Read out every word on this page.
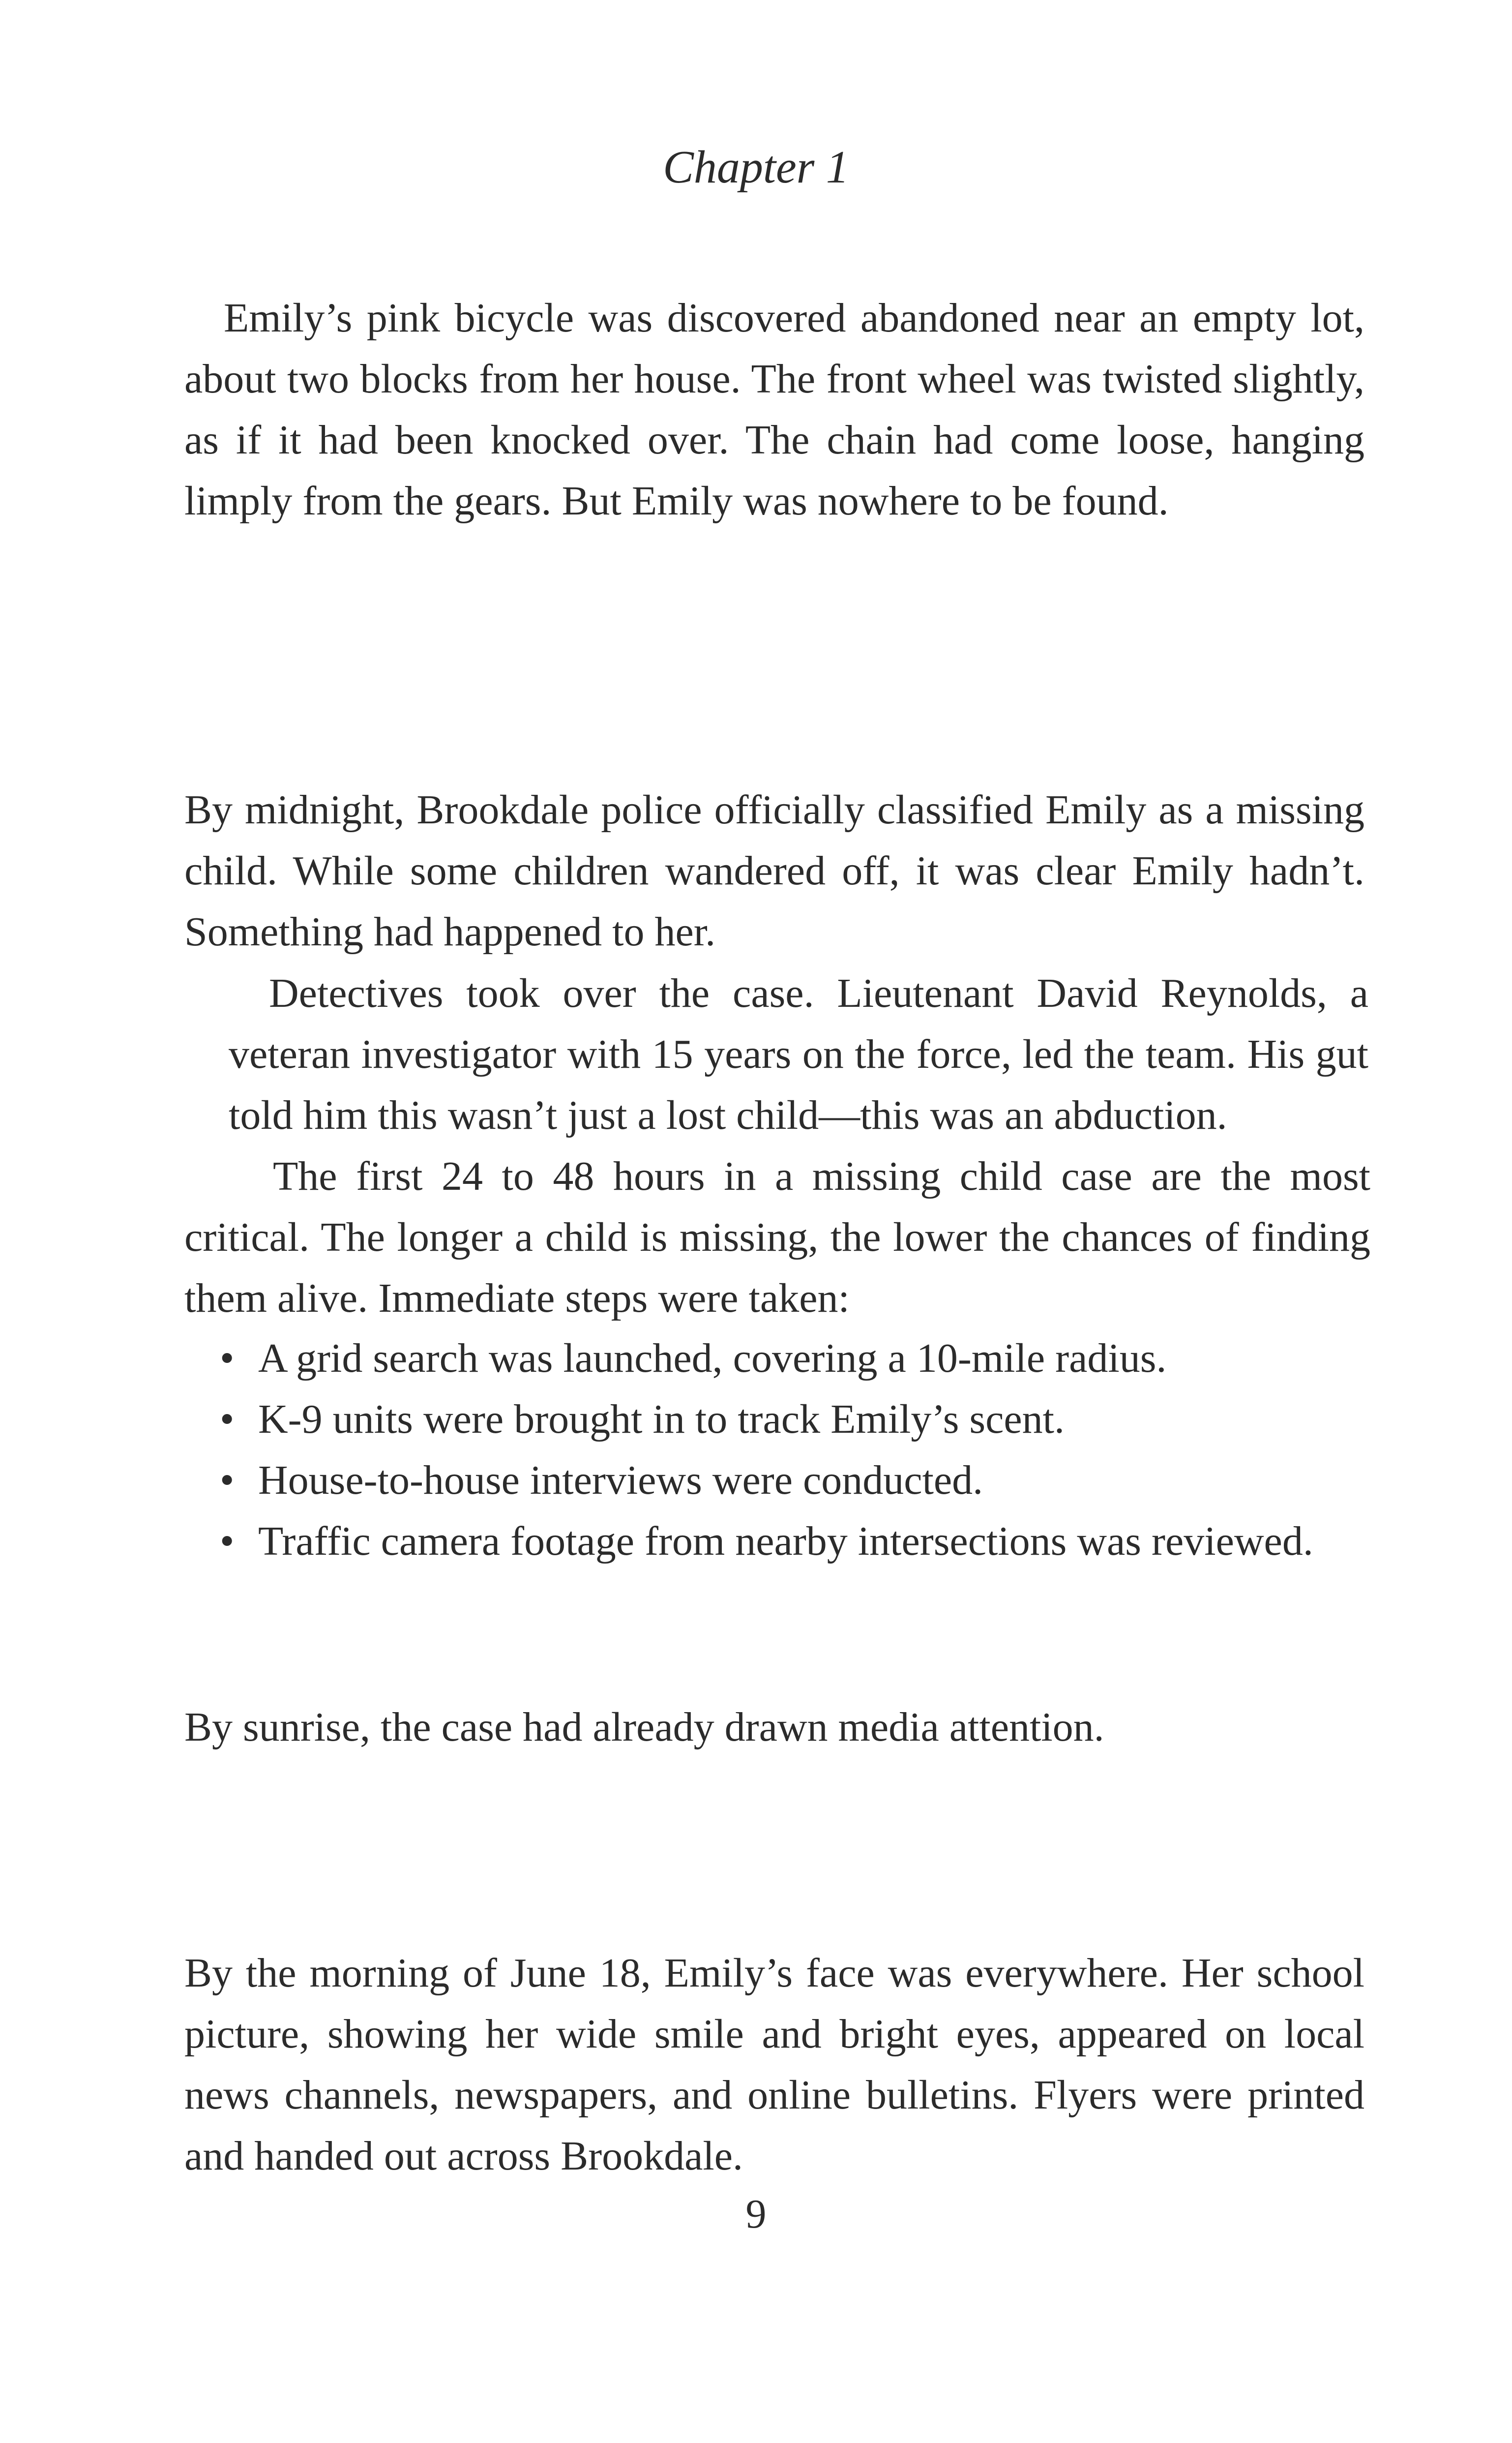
Chapter 1

Emily’s pink bicycle was discovered abandoned near an empty lot, about two blocks from her house. The front wheel was twisted slightly, as if it had been knocked over. The chain had come loose, hanging limply from the gears. But Emily was nowhere to be found.

By midnight, Brookdale police officially classified Emily as a missing child. While some children wandered off, it was clear Emily hadn’t. Something had happened to her.

Detectives took over the case. Lieutenant David Reynolds, a veteran investigator with 15 years on the force, led the team. His gut told him this wasn’t just a lost child—this was an abduction.

The first 24 to 48 hours in a missing child case are the most critical. The longer a child is missing, the lower the chances of finding them alive. Immediate steps were taken:

• A grid search was launched, covering a 10-mile radius.
• K-9 units were brought in to track Emily’s scent.
• House-to-house interviews were conducted.
• Traffic camera footage from nearby intersections was reviewed.

By sunrise, the case had already drawn media attention.

By the morning of June 18, Emily’s face was everywhere. Her school picture, showing her wide smile and bright eyes, appeared on local news channels, newspapers, and online bulletins. Flyers were printed and handed out across Brookdale.

9
